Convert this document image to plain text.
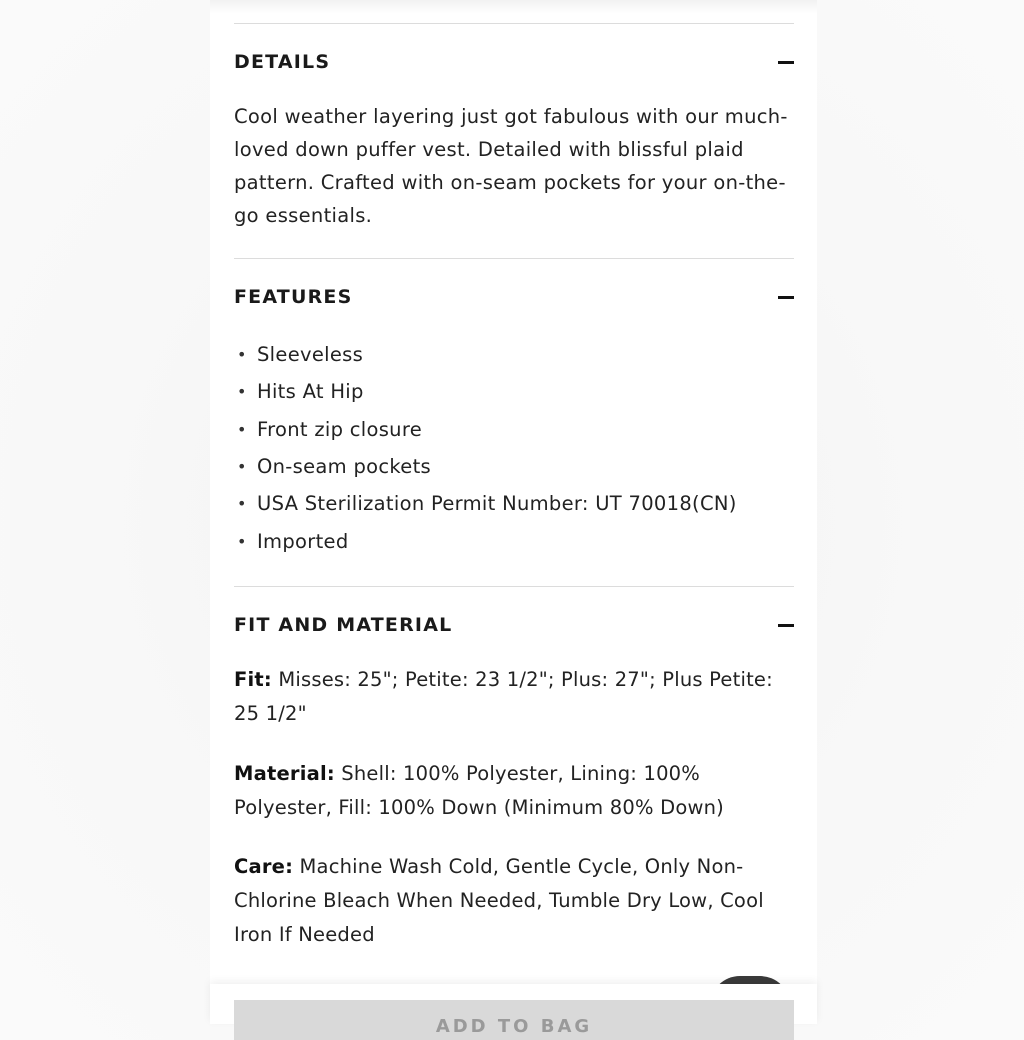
DETAILS

Cool weather layering just got fabulous with our much-loved down puffer vest. Detailed with blissful plaid pattern. Crafted with on-seam pockets for your on-the-go essentials.

FEATURES
• Sleeveless
• Hits At Hip
• Front zip closure
• On-seam pockets
• USA Sterilization Permit Number: UT 70018(CN)
• Imported
FIT AND MATERIAL

Fit: Misses: 25"; Petite: 23 1/2"; Plus: 27"; Plus Petite: 25 1/2"

Material: Shell: 100% Polyester, Lining: 100% Polyester, Fill: 100% Down (Minimum 80% Down)

Care: Machine Wash Cold, Gentle Cycle, Only Non-Chlorine Bleach When Needed, Tumble Dry Low, Cool Iron If Needed

ADD TO BAG
